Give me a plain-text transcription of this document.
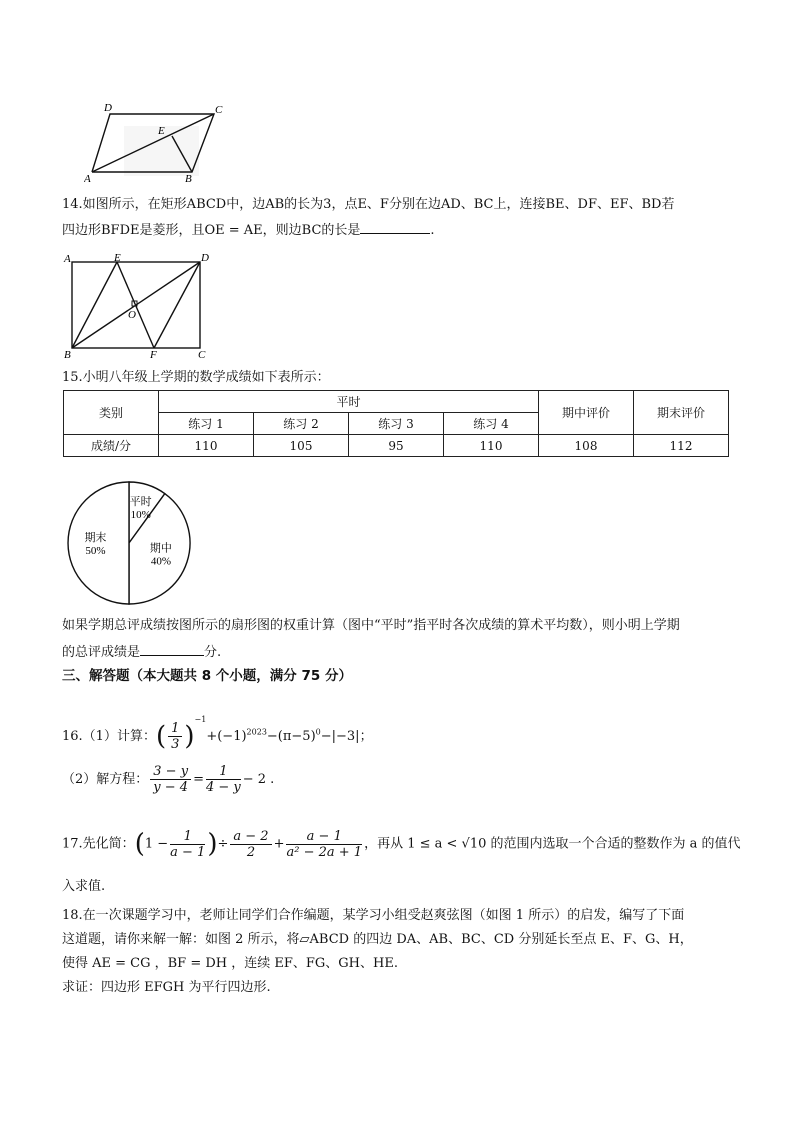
D	C
E
A	B
14.如图所示，在矩形ABCD中，边AB的长为3，点E、F分别在边AD、BC上，连接BE、DF、EF、BD若
四边形BFDE是菱形，且OE = AE，则边BC的长是	.
A	E	D
O
B	F	C
15.小明八年级上学期的数学成绩如下表所示：
类别	平时				期中评价	期末评价
	练习 1	练习 2	练习 3	练习 4		
成绩/分	110	105	95	110	108	112
平时
10%
期中
40%
期末
50%
如果学期总评成绩按图所示的扇形图的权重计算（图中“平时”指平时各次成绩的算术平均数），则小明上学期
的总评成绩是	分.
三、解答题（本大题共 8 个小题，满分 75 分）
16.（1）计算：( $\frac{1}{3} )^{-1}+(-1)^{2023}-(\pi-5)^0-|-3|$；
（2）解方程： $\frac{3 - y}{y - 4} = \frac{1}{4 - y} - 2$ .
17.先化简：($1 - \frac{1}{a - 1}$ )÷ $\frac{a - 2}{2} + \frac{a - 1}{\text{a² − 2a + 1}}$ ，再从 1 ≤ a < √10 的范围内选取一个合适的整数作为 a 的值代
入求值.
18.在一次课题学习中，老师让同学们合作编题，某学习小组受赵爽弦图（如图 1 所示）的启发，编写了下面
这道题，请你来解一解：如图 2 所示，将▱ABCD 的四边 DA、AB、BC、CD 分别延长至点 E、F、G、H，
使得 AE = CG ，BF = DH ，连续 EF、FG、GH、HE.
求证：四边形 EFGH 为平行四边形.
